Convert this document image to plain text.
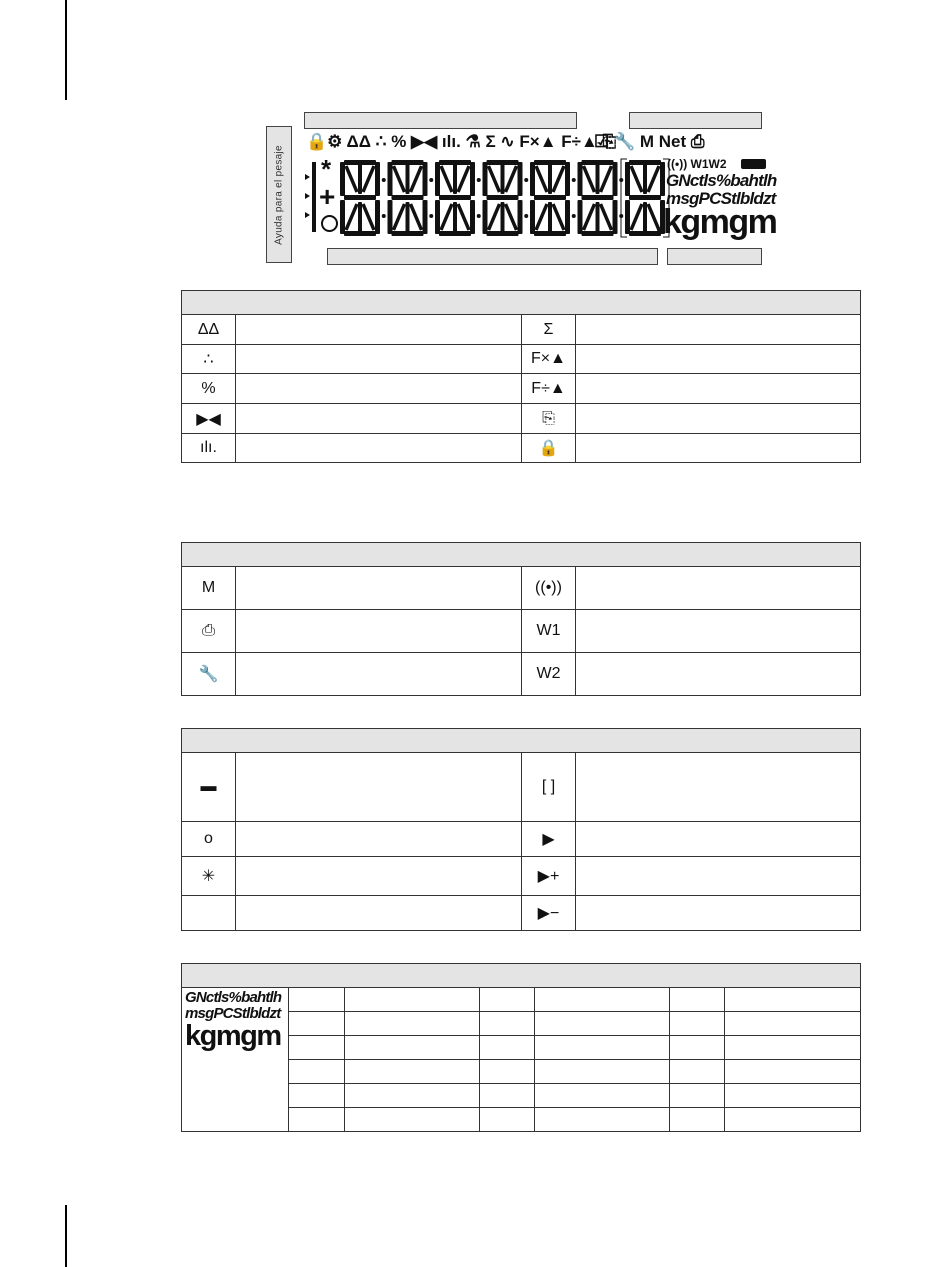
Ayuda para el pesaje
🔒⚙ ΔΔ ∴ % ▶◀ ılı. ⚗ Σ ∿ F×▲ F÷▲ ⎘
☑ 🔧 M Net ⎙
*
+
((•)) W1W2
GNctls%bahtlh
msgPCStlbldzt
.kgmgm

ΔΔ		Σ	
∴		F×▲	
%		F÷▲	
▶◀		⎘	
ılı.		🔒	

M		((•))	
⎙		W1	
🔧		W2	

▬		[ ]	
o		▶	
✳		▶+	
		▶−	

GNctls%bahtlh
msgPCStlbldzt
kgmgm						
